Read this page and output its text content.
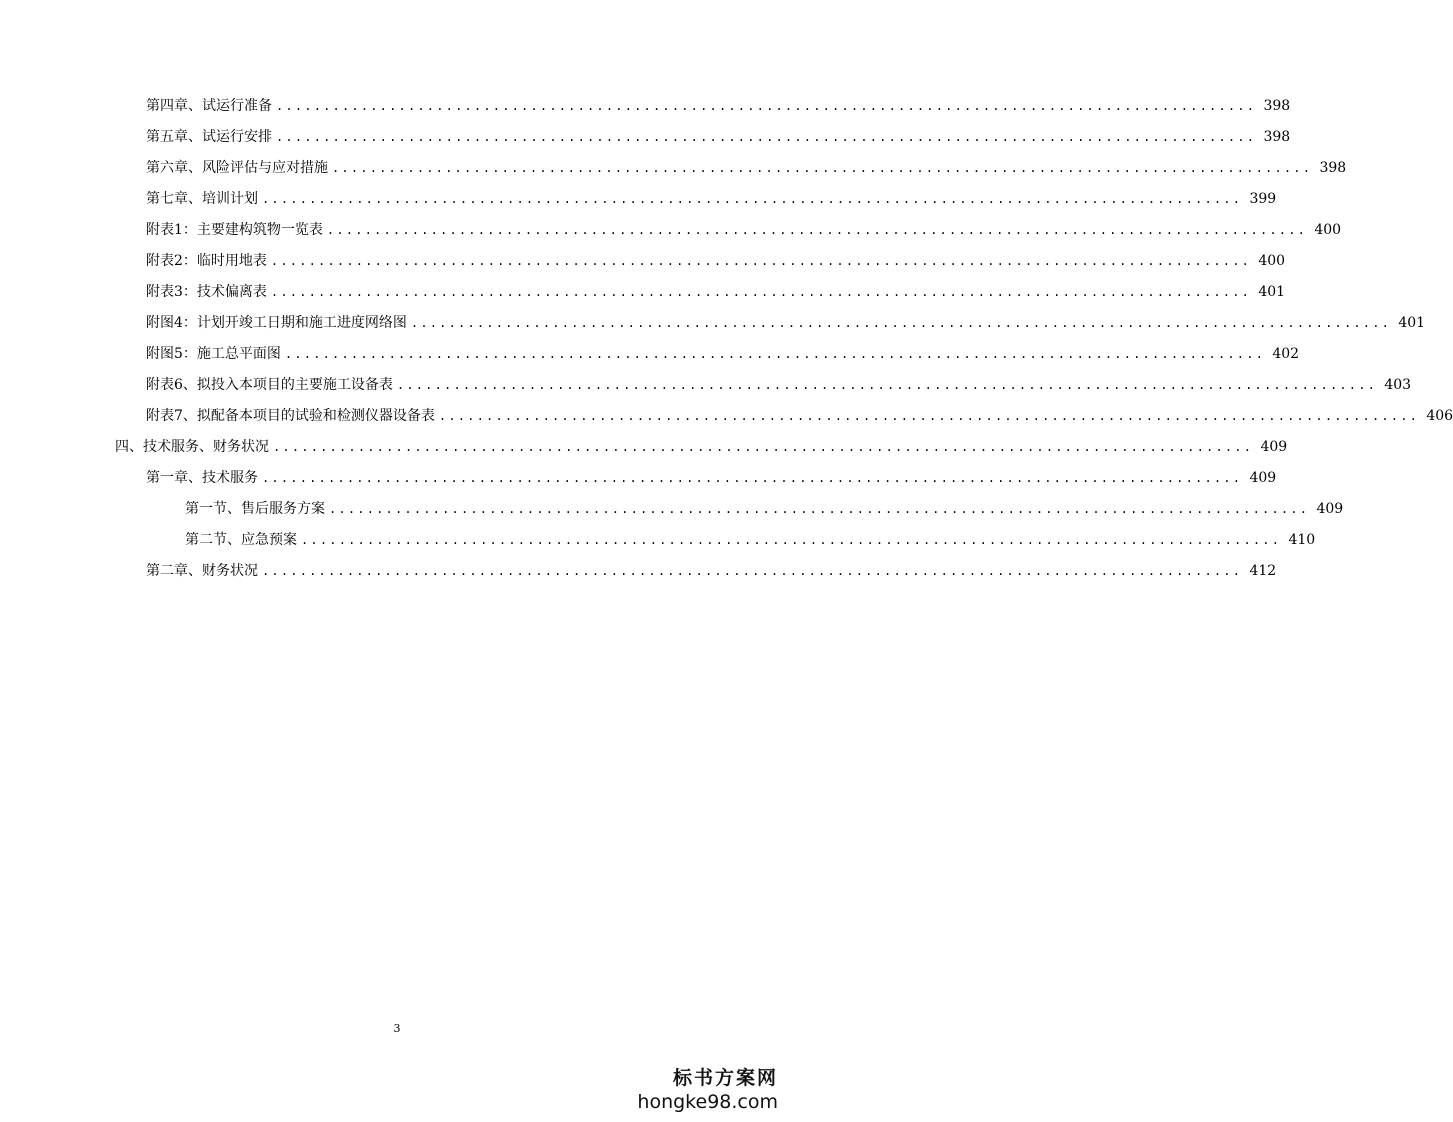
第四章、试运行准备 ........................................................................................................ 398
第五章、试运行安排 ........................................................................................................ 398
第六章、风险评估与应对措施 ........................................................................................................ 398
第七章、培训计划 ........................................................................................................ 399
附表1：主要建构筑物一览表 ........................................................................................................ 400
附表2：临时用地表 ........................................................................................................ 400
附表3：技术偏离表 ........................................................................................................ 401
附图4：计划开竣工日期和施工进度网络图 ........................................................................................................ 401
附图5：施工总平面图 ........................................................................................................ 402
附表6、拟投入本项目的主要施工设备表 ........................................................................................................ 403
附表7、拟配备本项目的试验和检测仪器设备表 ........................................................................................................ 406
四、技术服务、财务状况 ........................................................................................................ 409
第一章、技术服务 ........................................................................................................ 409
第一节、售后服务方案 ........................................................................................................ 409
第二节、应急预案 ........................................................................................................ 410
第二章、财务状况 ........................................................................................................ 412
3
标书方案网
hongke98.com
